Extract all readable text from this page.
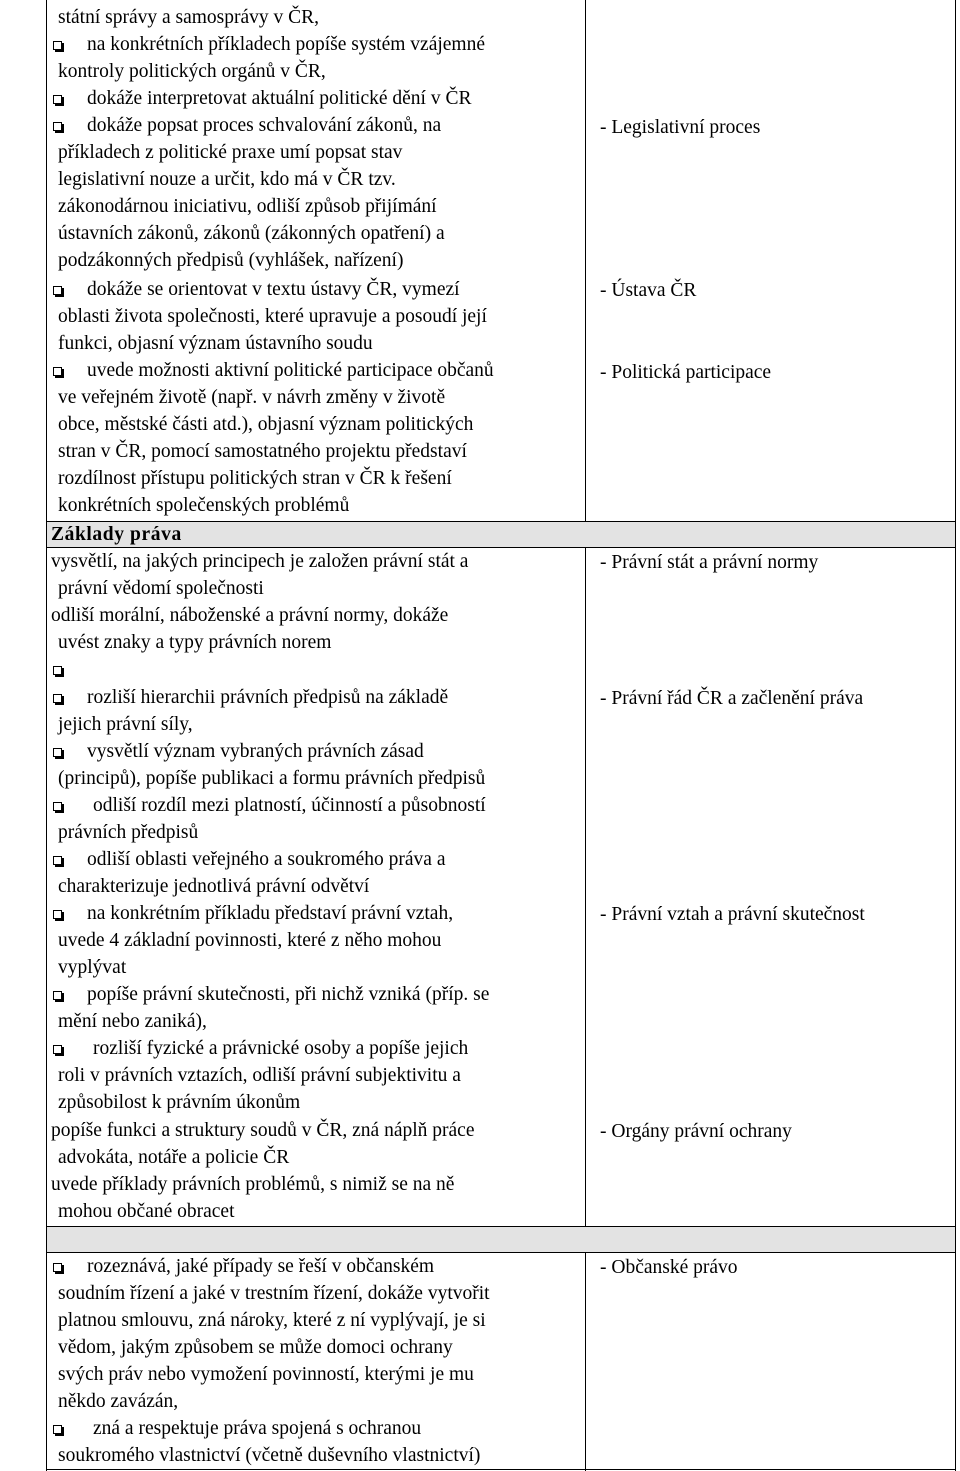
státní správy a samosprávy v ČR,
na konkrétních příkladech popíše systém vzájemné
kontroly politických orgánů v ČR,
dokáže interpretovat aktuální politické dění v ČR
dokáže popsat proces schvalování zákonů, na
příkladech z politické praxe umí popsat stav
legislativní nouze a určit, kdo má v ČR tzv.
zákonodárnou iniciativu, odliší způsob přijímání
ústavních zákonů, zákonů (zákonných opatření) a
podzákonných předpisů (vyhlášek, nařízení)
dokáže se orientovat v textu ústavy ČR, vymezí
oblasti života společnosti, které upravuje a posoudí její
funkci, objasní význam ústavního soudu
uvede možnosti aktivní politické participace občanů
ve veřejném životě (např. v návrh změny v životě
obce, městské části atd.), objasní význam politických
stran v ČR, pomocí samostatného projektu představí
rozdílnost přístupu politických stran v ČR k řešení
konkrétních společenských problémů
Základy práva
vysvětlí, na jakých principech je založen právní stát a
právní vědomí společnosti
odliší morální, náboženské a právní normy, dokáže
uvést znaky a typy právních norem
rozliší hierarchii právních předpisů na základě
jejich právní síly,
vysvětlí význam vybraných právních zásad
(principů), popíše publikaci a formu právních předpisů
odliší rozdíl mezi platností, účinností a působností
právních předpisů
odliší oblasti veřejného a soukromého práva a
charakterizuje jednotlivá právní odvětví
na konkrétním příkladu představí právní vztah,
uvede 4 základní povinnosti, které z něho mohou
vyplývat
popíše právní skutečnosti, při nichž vzniká (příp. se
mění nebo zaniká),
rozliší fyzické a právnické osoby a popíše jejich
roli v právních vztazích, odliší právní subjektivitu a
způsobilost k právním úkonům
popíše funkci a struktury soudů v ČR, zná náplň práce
advokáta, notáře a policie ČR
uvede příklady právních problémů, s nimiž se na ně
mohou občané obracet
rozeznává, jaké případy se řeší v občanském
soudním řízení a jaké v trestním řízení, dokáže vytvořit
platnou smlouvu, zná nároky, které z ní vyplývají, je si
vědom, jakým způsobem se může domoci ochrany
svých práv nebo vymožení povinností, kterými je mu
někdo zavázán,
zná a respektuje práva spojená s ochranou
soukromého vlastnictví (včetně duševního vlastnictví)
- Legislativní proces
- Ústava ČR
- Politická participace
- Právní stát a právní normy
- Právní řád ČR a začlenění práva
- Právní vztah a právní skutečnost
- Orgány právní ochrany
- Občanské právo
